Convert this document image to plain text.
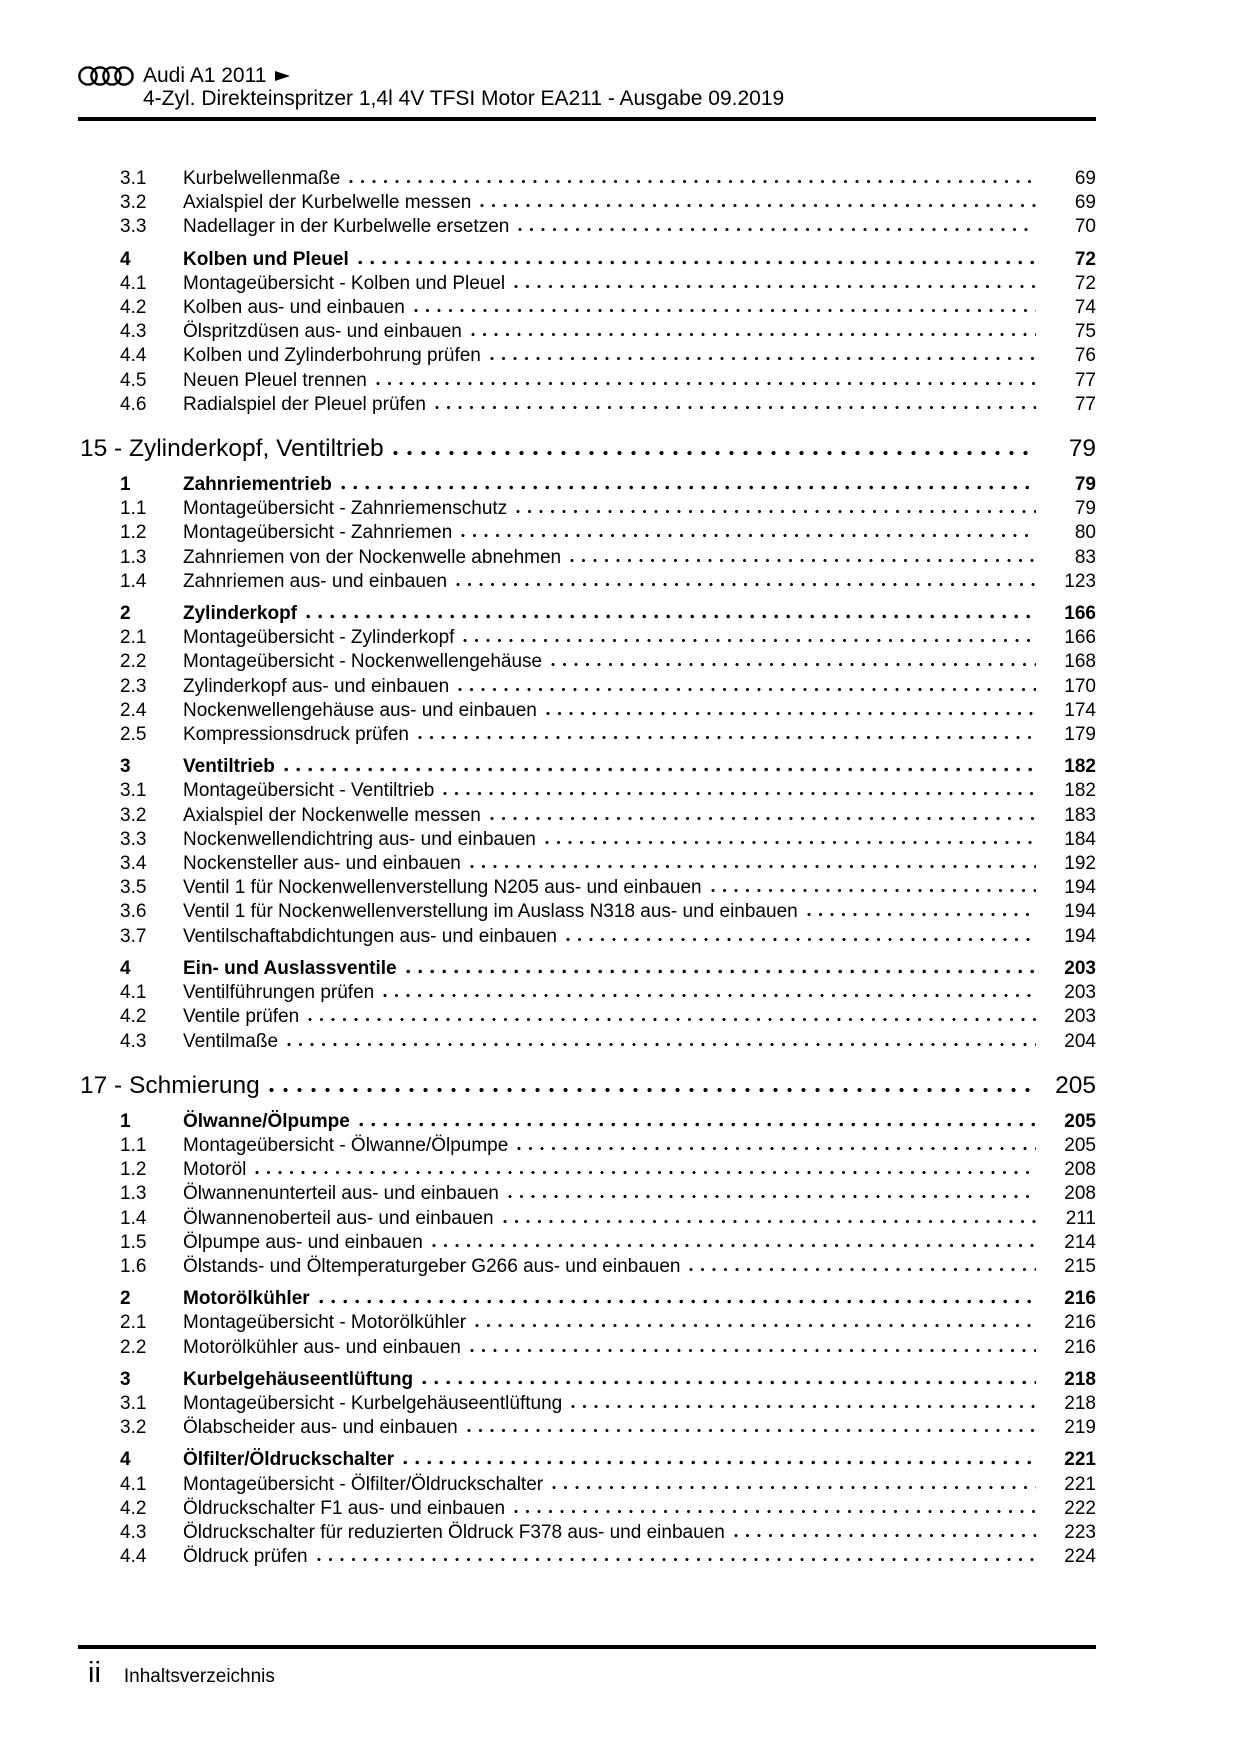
Audi A1 2011
4-Zyl. Direkteinspritzer 1,4l 4V TFSI Motor EA211 - Ausgabe 09.2019
3.1	Kurbelwellenmaße	69
3.2	Axialspiel der Kurbelwelle messen	69
3.3	Nadellager in der Kurbelwelle ersetzen	70
4	Kolben und Pleuel	72
4.1	Montageübersicht - Kolben und Pleuel	72
4.2	Kolben aus- und einbauen	74
4.3	Ölspritzdüsen aus- und einbauen	75
4.4	Kolben und Zylinderbohrung prüfen	76
4.5	Neuen Pleuel trennen	77
4.6	Radialspiel der Pleuel prüfen	77
15 - Zylinderkopf, Ventiltrieb	79
1	Zahnriementrieb	79
1.1	Montageübersicht - Zahnriemenschutz	79
1.2	Montageübersicht - Zahnriemen	80
1.3	Zahnriemen von der Nockenwelle abnehmen	83
1.4	Zahnriemen aus- und einbauen	123
2	Zylinderkopf	166
2.1	Montageübersicht - Zylinderkopf	166
2.2	Montageübersicht - Nockenwellengehäuse	168
2.3	Zylinderkopf aus- und einbauen	170
2.4	Nockenwellengehäuse aus- und einbauen	174
2.5	Kompressionsdruck prüfen	179
3	Ventiltrieb	182
3.1	Montageübersicht - Ventiltrieb	182
3.2	Axialspiel der Nockenwelle messen	183
3.3	Nockenwellendichtring aus- und einbauen	184
3.4	Nockensteller aus- und einbauen	192
3.5	Ventil 1 für Nockenwellenverstellung N205 aus- und einbauen	194
3.6	Ventil 1 für Nockenwellenverstellung im Auslass N318 aus- und einbauen	194
3.7	Ventilschaftabdichtungen aus- und einbauen	194
4	Ein- und Auslassventile	203
4.1	Ventilführungen prüfen	203
4.2	Ventile prüfen	203
4.3	Ventilmaße	204
17 - Schmierung	205
1	Ölwanne/Ölpumpe	205
1.1	Montageübersicht - Ölwanne/Ölpumpe	205
1.2	Motoröl	208
1.3	Ölwannenunterteil aus- und einbauen	208
1.4	Ölwannenoberteil aus- und einbauen	211
1.5	Ölpumpe aus- und einbauen	214
1.6	Ölstands- und Öltemperaturgeber G266 aus- und einbauen	215
2	Motorölkühler	216
2.1	Montageübersicht - Motorölkühler	216
2.2	Motorölkühler aus- und einbauen	216
3	Kurbelgehäuseentlüftung	218
3.1	Montageübersicht - Kurbelgehäuseentlüftung	218
3.2	Ölabscheider aus- und einbauen	219
4	Ölfilter/Öldruckschalter	221
4.1	Montageübersicht - Ölfilter/Öldruckschalter	221
4.2	Öldruckschalter F1 aus- und einbauen	222
4.3	Öldruckschalter für reduzierten Öldruck F378 aus- und einbauen	223
4.4	Öldruck prüfen	224
ii Inhaltsverzeichnis
